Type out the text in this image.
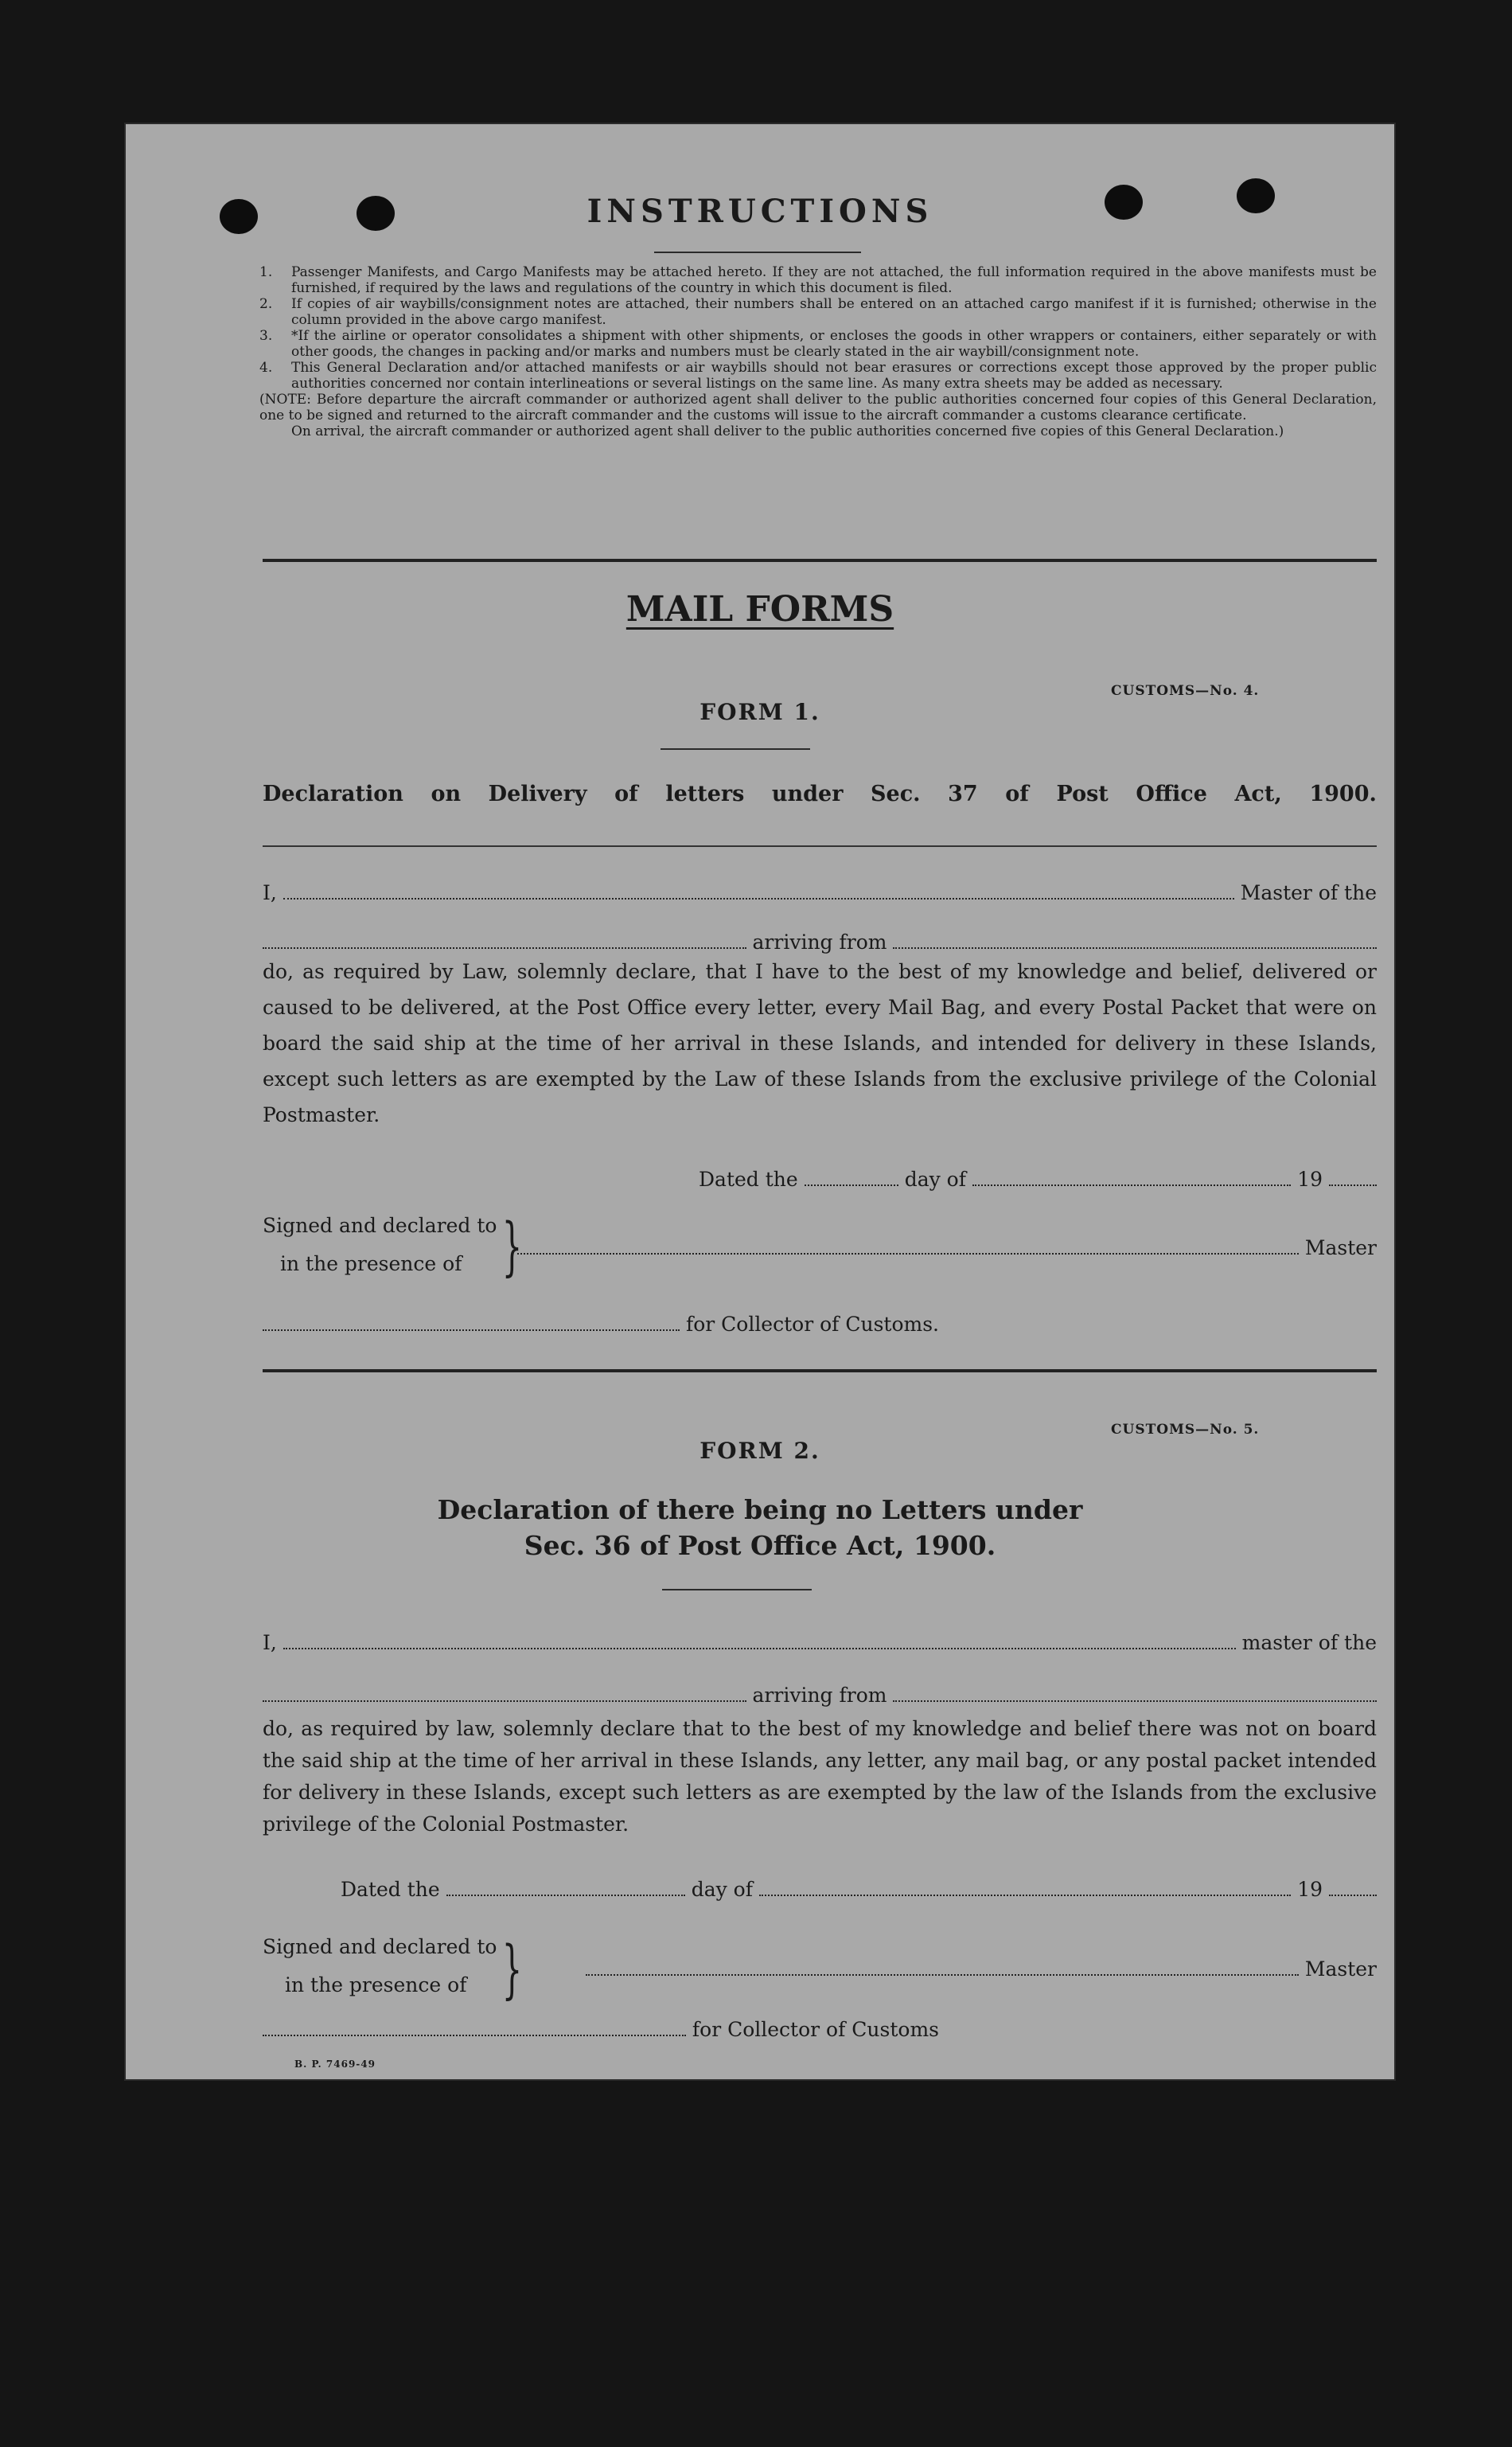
INSTRUCTIONS
1.	Passenger Manifests, and Cargo Manifests may be attached hereto. If they are not attached, the full information required in the above manifests must be furnished, if required by the laws and regulations of the country in which this document is filed.
2.	If copies of air waybills/consignment notes are attached, their numbers shall be entered on an attached cargo manifest if it is furnished; otherwise in the column provided in the above cargo manifest.
3.	*If the airline or operator consolidates a shipment with other shipments, or encloses the goods in other wrappers or containers, either separately or with other goods, the changes in packing and/or marks and numbers must be clearly stated in the air waybill/consignment note.
4.	This General Declaration and/or attached manifests or air waybills should not bear erasures or corrections except those approved by the proper public authorities concerned nor contain interlineations or several listings on the same line. As many extra sheets may be added as necessary.
(NOTE: Before departure the aircraft commander or authorized agent shall deliver to the public authorities concerned four copies of this General Declaration, one to be signed and returned to the aircraft commander and the customs will issue to the aircraft commander a customs clearance certificate.
On arrival, the aircraft commander or authorized agent shall deliver to the public authorities concerned five copies of this General Declaration.)
MAIL FORMS
CUSTOMS—No. 4.
FORM 1.
Declaration on Delivery of letters under Sec. 37 of Post Office Act, 1900.
I,	Master of the
arriving from
do, as required by Law, solemnly declare, that I have to the best of my knowledge and belief, delivered or caused to be delivered, at the Post Office every letter, every Mail Bag, and every Postal Packet that were on board the said ship at the time of her arrival in these Islands, and intended for delivery in these Islands, except such letters as are exempted by the Law of these Islands from the exclusive privilege of the Colonial Postmaster.
Dated the	day of	19
Signed and declared to
in the presence of }	Master
for Collector of Customs.
CUSTOMS—No. 5.
FORM 2.
Declaration of there being no Letters under
Sec. 36 of Post Office Act, 1900.
I,	master of the
arriving from
do, as required by law, solemnly declare that to the best of my knowledge and belief there was not on board the said ship at the time of her arrival in these Islands, any letter, any mail bag, or any postal packet intended for delivery in these Islands, except such letters as are exempted by the law of the Islands from the exclusive privilege of the Colonial Postmaster.
Dated the	day of	19
Signed and declared to
in the presence of }	Master
for Collector of Customs
B. P. 7469-49
